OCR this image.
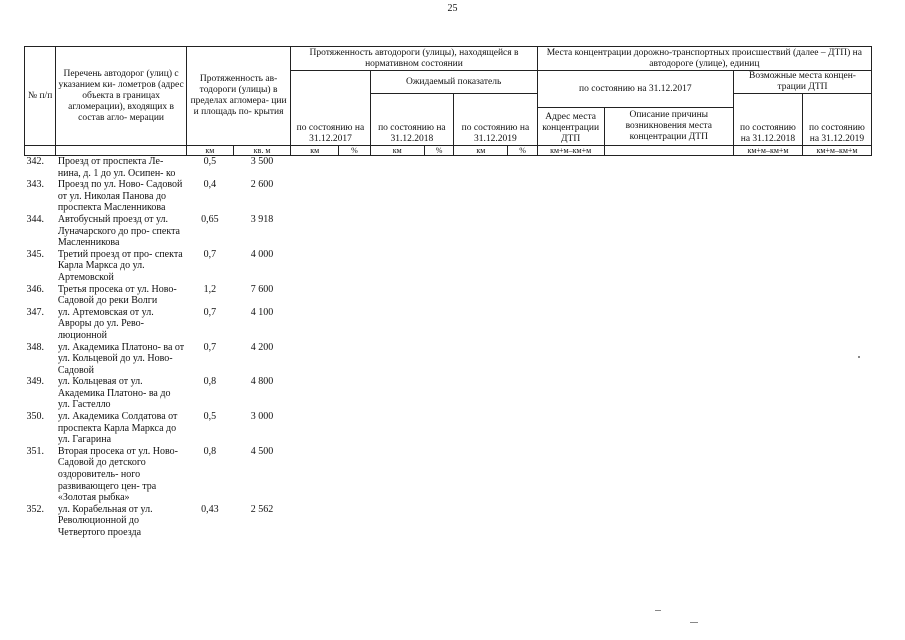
25
№ п/п	Перечень автодорог (улиц) с указанием ки- лометров (адрес объекта в границах агломерации), входящих в состав агло- мерации	Протяженность ав- тодороги (улицы) в пределах агломера- ции и площадь по- крытия		Протяженность автодороги (улицы), находящейся в нормативном состоянии						Места концентрации дорожно-транспортных происшествий (далее – ДТП) на автодороге (улице), единиц			
				по состоянию на 31.12.2017		Ожидаемый показатель				по состоянию на 31.12.2017		Возможные места концен- трации ДТП	
						по состоянию на 31.12.2018		по состоянию на 31.12.2019				по состоянию на 31.12.2018	по состоянию на 31.12.2019
										Адрес места концентрации ДТП	Описание причины возникновения места концентрации ДТП		
		км	кв. м	км	%	км	%	км	%	км+м–км+м		км+м–км+м	км+м–км+м
342.	Проезд от проспекта Ле- нина, д. 1 до ул. Осипен- ко	0,5	3 500										
343.	Проезд по ул. Ново- Садовой от ул. Николая Панова до проспекта Масленникова	0,4	2 600										
344.	Автобусный проезд от ул. Луначарского до про- спекта Масленникова	0,65	3 918										
345.	Третий проезд от про- спекта Карла Маркса до ул. Артемовской	0,7	4 000										
346.	Третья просека от ул. Ново-Садовой до реки Волги	1,2	7 600										
347.	ул. Артемовская от ул. Авроры до ул. Рево- люционной	0,7	4 100										
348.	ул. Академика Платоно- ва от ул. Кольцевой до ул. Ново-Садовой	0,7	4 200										
349.	ул. Кольцевая от ул. Академика Платоно- ва до ул. Гастелло	0,8	4 800										
350.	ул. Академика Солдатова от проспекта Карла Маркса до ул. Гагарина	0,5	3 000										
351.	Вторая просека от ул. Ново-Садовой до детского оздоровитель- ного развивающего цен- тра «Золотая рыбка»	0,8	4 500										
352.	ул. Корабельная от ул. Революционной до Четвертого проезда	0,43	2 562										
